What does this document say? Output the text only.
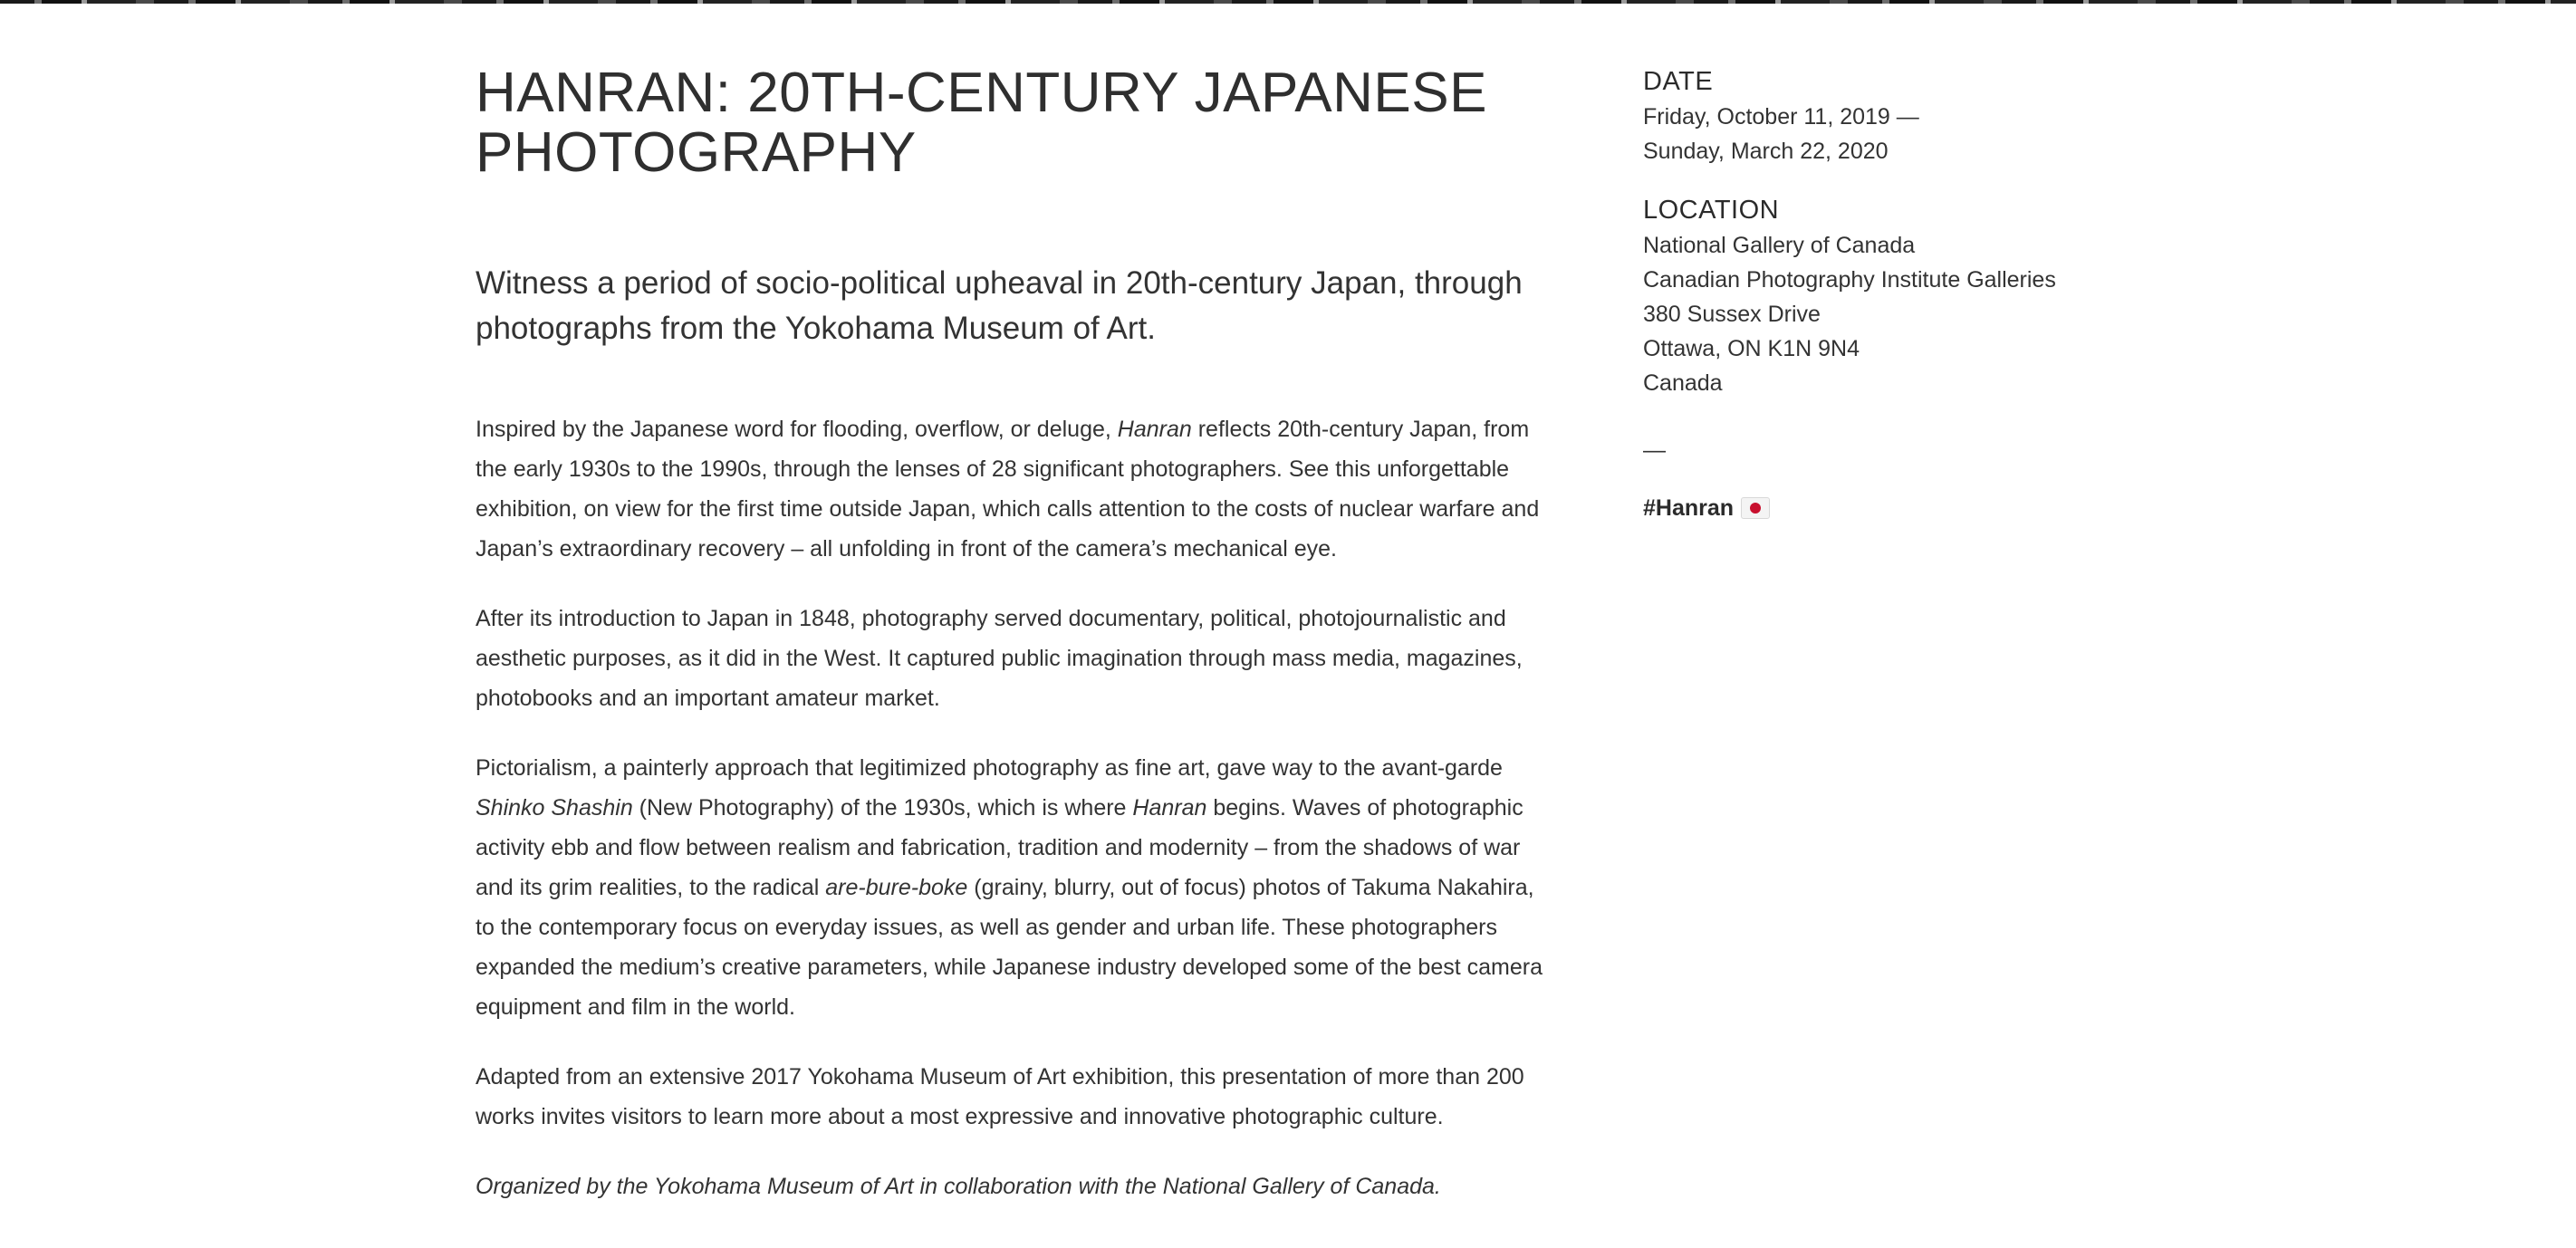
HANRAN: 20TH-CENTURY JAPANESE PHOTOGRAPHY

Witness a period of socio-political upheaval in 20th-century Japan, through photographs from the Yokohama Museum of Art.

Inspired by the Japanese word for flooding, overflow, or deluge, Hanran reflects 20th-century Japan, from the early 1930s to the 1990s, through the lenses of 28 significant photographers. See this unforgettable exhibition, on view for the first time outside Japan, which calls attention to the costs of nuclear warfare and Japan’s extraordinary recovery – all unfolding in front of the camera’s mechanical eye.

After its introduction to Japan in 1848, photography served documentary, political, photojournalistic and aesthetic purposes, as it did in the West. It captured public imagination through mass media, magazines, photobooks and an important amateur market.

Pictorialism, a painterly approach that legitimized photography as fine art, gave way to the avant-garde Shinko Shashin (New Photography) of the 1930s, which is where Hanran begins. Waves of photographic activity ebb and flow between realism and fabrication, tradition and modernity – from the shadows of war and its grim realities, to the radical are-bure-boke (grainy, blurry, out of focus) photos of Takuma Nakahira, to the contemporary focus on everyday issues, as well as gender and urban life. These photographers expanded the medium’s creative parameters, while Japanese industry developed some of the best camera equipment and film in the world.

Adapted from an extensive 2017 Yokohama Museum of Art exhibition, this presentation of more than 200 works invites visitors to learn more about a most expressive and innovative photographic culture.

Organized by the Yokohama Museum of Art in collaboration with the National Gallery of Canada.

DATE
Friday, October 11, 2019 —
Sunday, March 22, 2020
LOCATION
National Gallery of Canada
Canadian Photography Institute Galleries
380 Sussex Drive
Ottawa, ON K1N 9N4
Canada
—
#Hanran
